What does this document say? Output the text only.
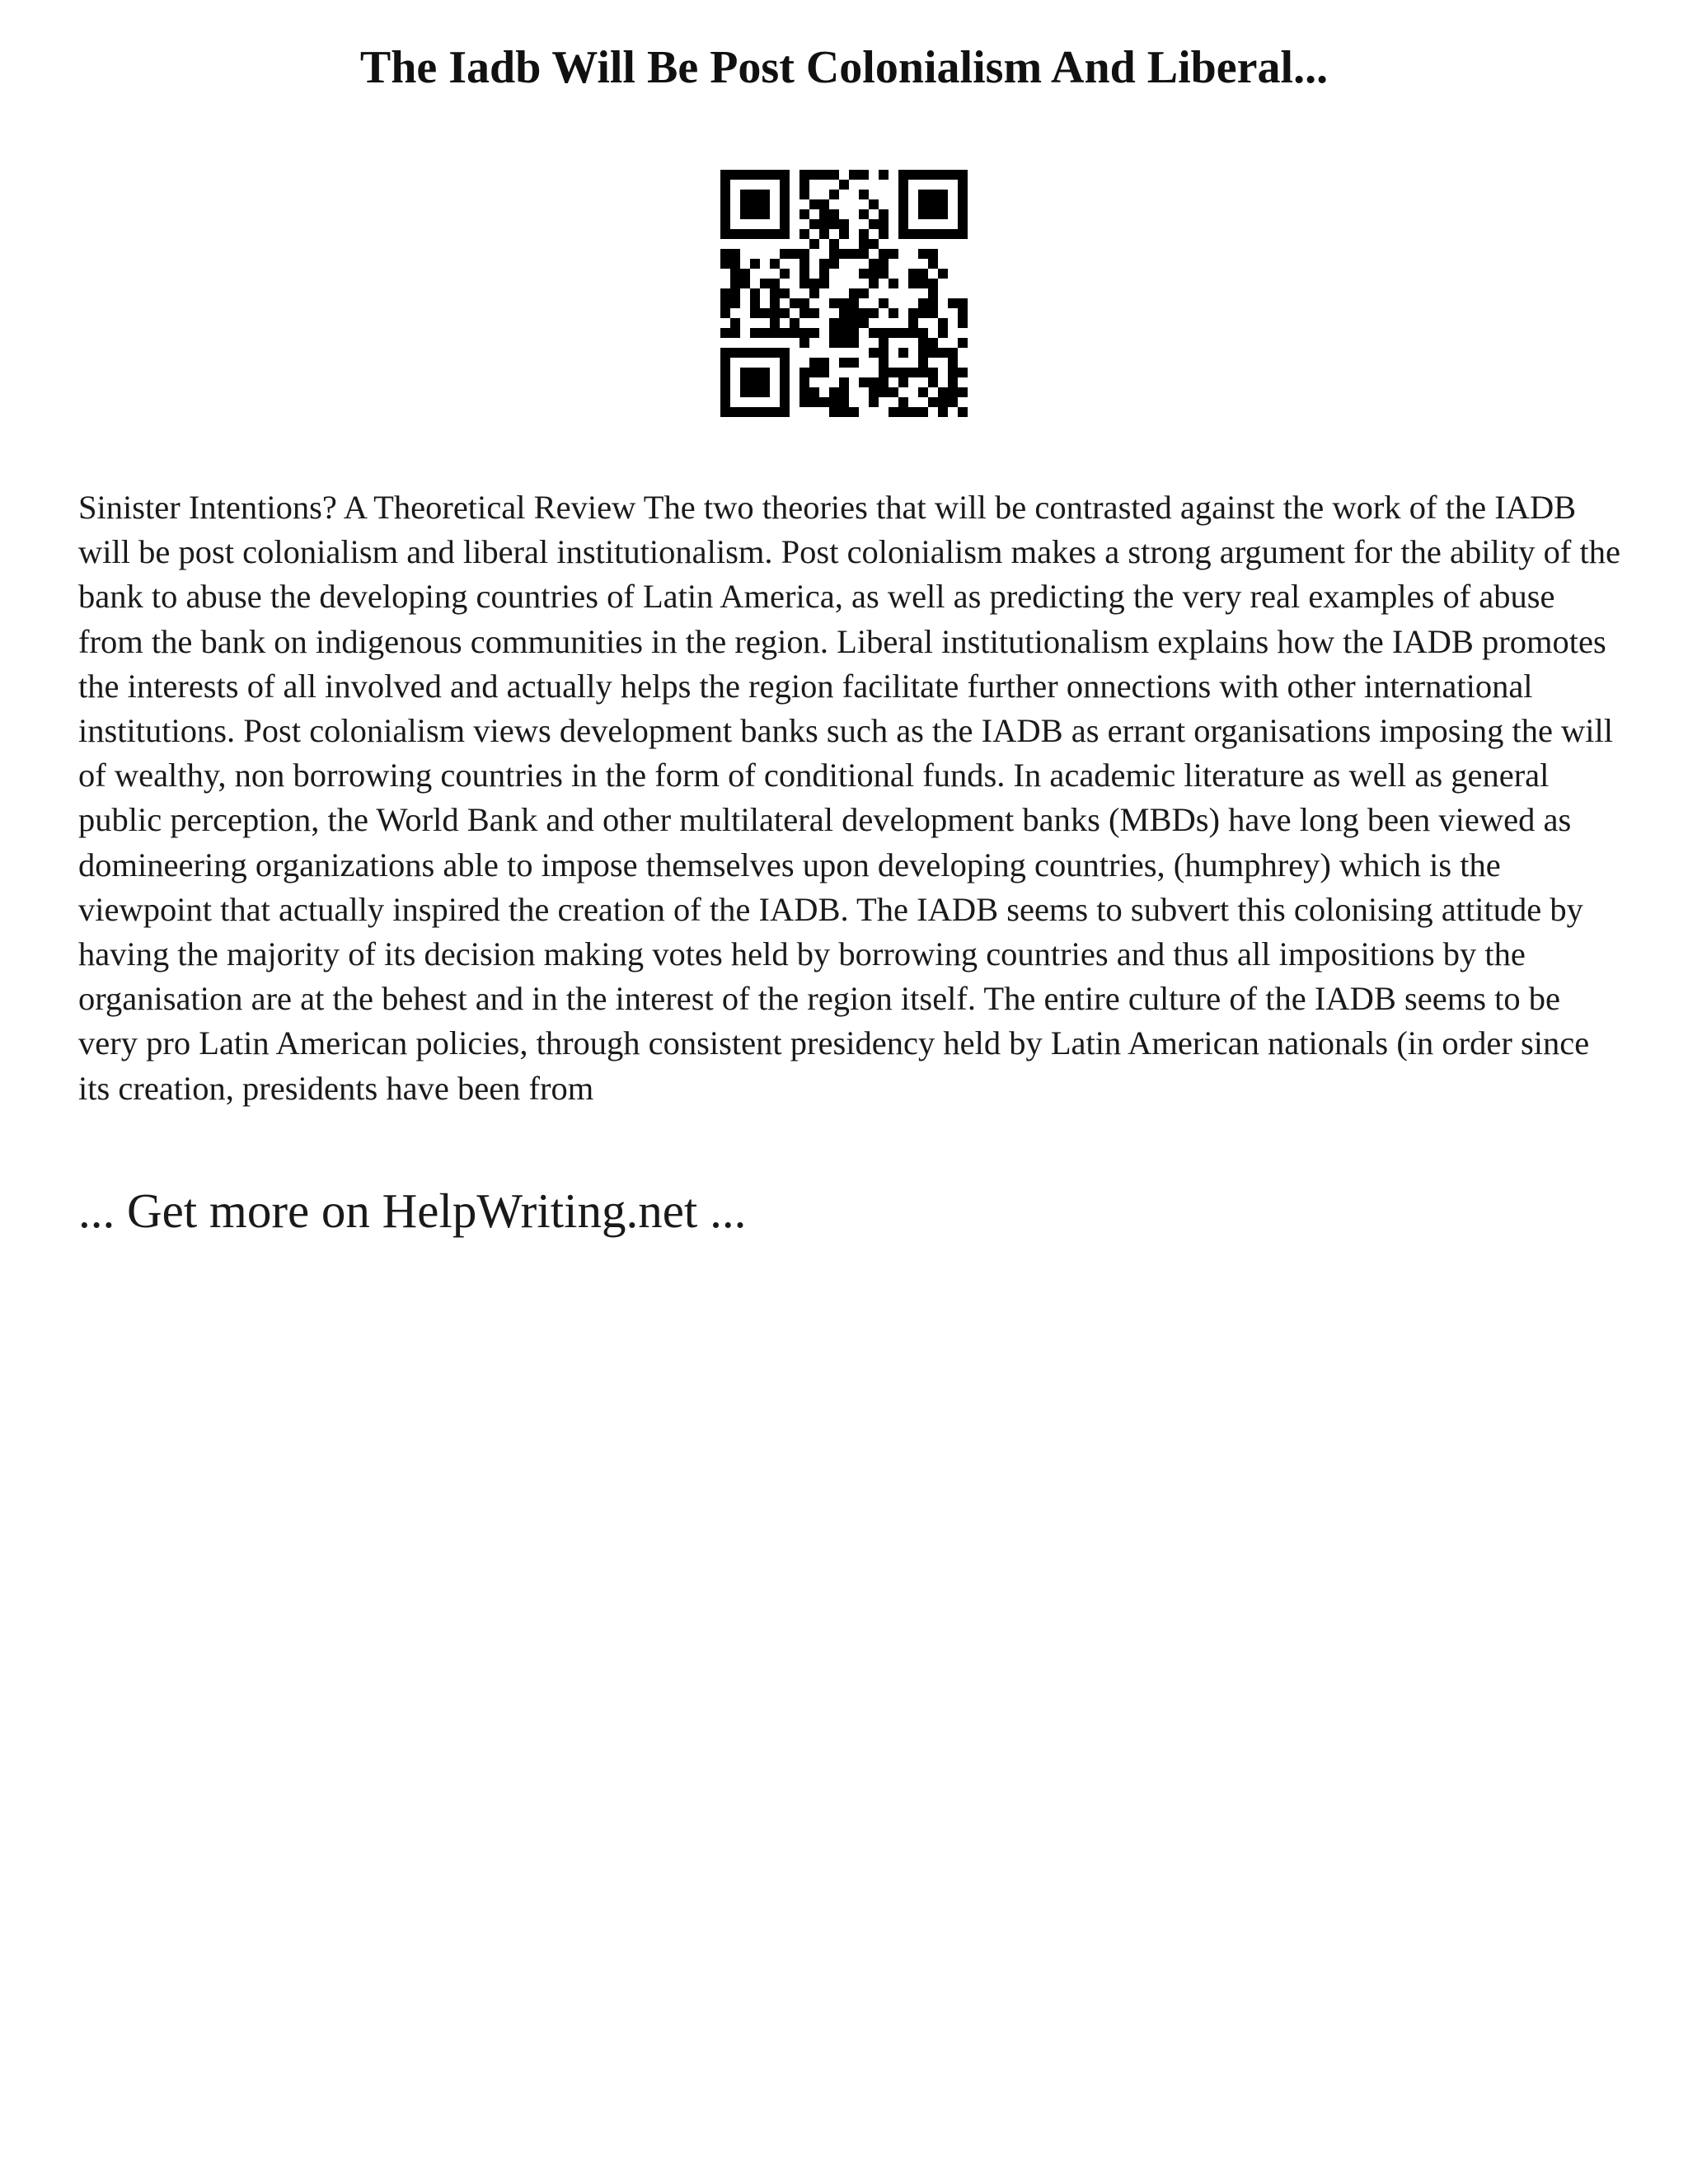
The Iadb Will Be Post Colonialism And Liberal...

Sinister Intentions? A Theoretical Review The two theories that will be contrasted against the work of the IADB will be post colonialism and liberal institutionalism. Post colonialism makes a strong argument for the ability of the bank to abuse the developing countries of Latin America, as well as predicting the very real examples of abuse from the bank on indigenous communities in the region. Liberal institutionalism explains how the IADB promotes the interests of all involved and actually helps the region facilitate further onnections with other international institutions. Post colonialism views development banks such as the IADB as errant organisations imposing the will of wealthy, non borrowing countries in the form of conditional funds. In academic literature as well as general public perception, the World Bank and other multilateral development banks (MBDs) have long been viewed as domineering organizations able to impose themselves upon developing countries, (humphrey) which is the viewpoint that actually inspired the creation of the IADB. The IADB seems to subvert this colonising attitude by having the majority of its decision making votes held by borrowing countries and thus all impositions by the organisation are at the behest and in the interest of the region itself. The entire culture of the IADB seems to be very pro Latin American policies, through consistent presidency held by Latin American nationals (in order since its creation, presidents have been from

... Get more on HelpWriting.net ...
